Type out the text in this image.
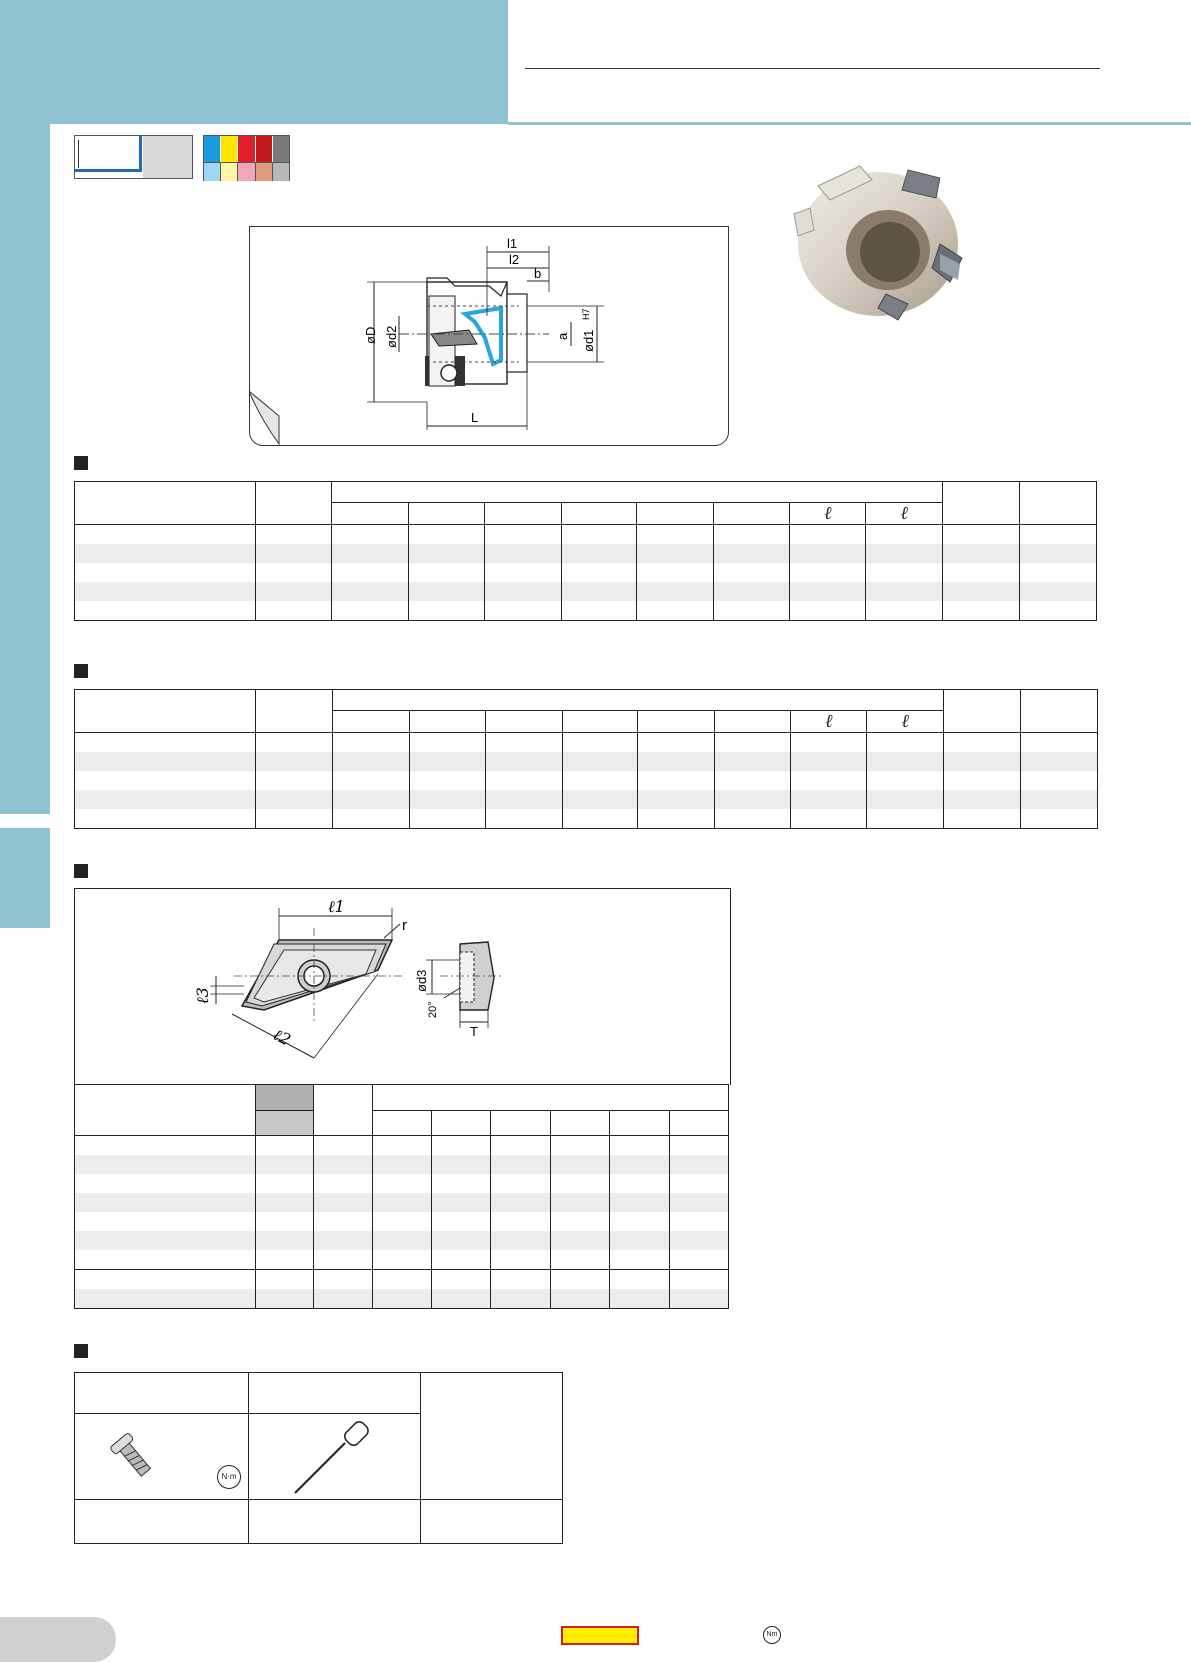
l1
l2
b
øD ød2	a ød1
H7
L

								ℓ	ℓ		

								ℓ	ℓ		

ℓ1
r
ℓ2
ℓ3
ød3
20°
T

N·m
Nm
